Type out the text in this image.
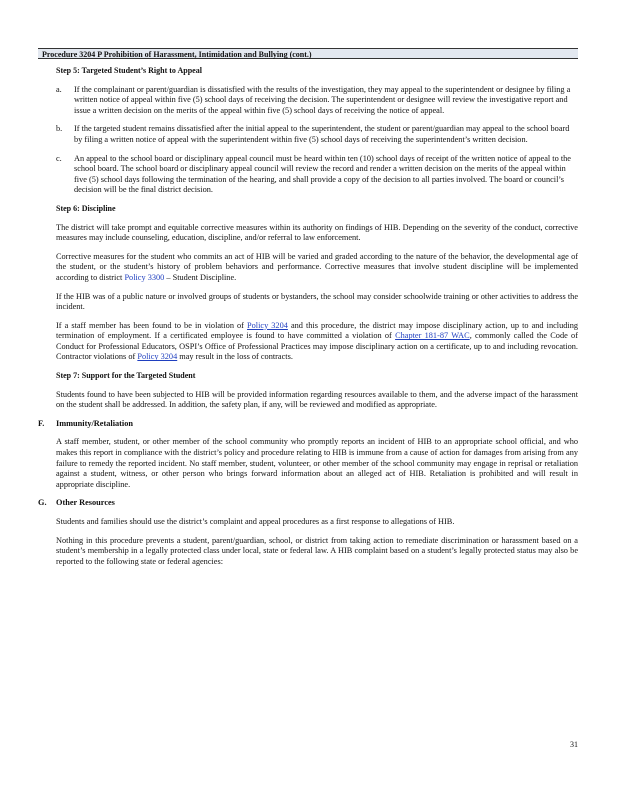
Procedure 3204 P Prohibition of Harassment, Intimidation and Bullying (cont.)
Step 5: Targeted Student’s Right to Appeal
a. If the complainant or parent/guardian is dissatisfied with the results of the investigation, they may appeal to the superintendent or designee by filing a written notice of appeal within five (5) school days of receiving the decision. The superintendent or designee will review the investigative report and issue a written decision on the merits of the appeal within five (5) school days of receiving the notice of appeal.
b. If the targeted student remains dissatisfied after the initial appeal to the superintendent, the student or parent/guardian may appeal to the school board by filing a written notice of appeal with the superintendent within five (5) school days of receiving the superintendent’s written decision.
c. An appeal to the school board or disciplinary appeal council must be heard within ten (10) school days of receipt of the written notice of appeal to the school board. The school board or disciplinary appeal council will review the record and render a written decision on the merits of the appeal within five (5) school days following the termination of the hearing, and shall provide a copy of the decision to all parties involved. The board or council’s decision will be the final district decision.
Step 6: Discipline

The district will take prompt and equitable corrective measures within its authority on findings of HIB. Depending on the severity of the conduct, corrective measures may include counseling, education, discipline, and/or referral to law enforcement.

Corrective measures for the student who commits an act of HIB will be varied and graded according to the nature of the behavior, the developmental age of the student, or the student’s history of problem behaviors and performance. Corrective measures that involve student discipline will be implemented according to district Policy 3300 – Student Discipline.

If the HIB was of a public nature or involved groups of students or bystanders, the school may consider schoolwide training or other activities to address the incident.

If a staff member has been found to be in violation of Policy 3204 and this procedure, the district may impose disciplinary action, up to and including termination of employment. If a certificated employee is found to have committed a violation of Chapter 181-87 WAC, commonly called the Code of Conduct for Professional Educators, OSPI’s Office of Professional Practices may impose disciplinary action on a certificate, up to and including revocation. Contractor violations of Policy 3204 may result in the loss of contracts.

Step 7: Support for the Targeted Student

Students found to have been subjected to HIB will be provided information regarding resources available to them, and the adverse impact of the harassment on the student shall be addressed. In addition, the safety plan, if any, will be reviewed and modified as appropriate.

F. Immunity/Retaliation

A staff member, student, or other member of the school community who promptly reports an incident of HIB to an appropriate school official, and who makes this report in compliance with the district’s policy and procedure relating to HIB is immune from a cause of action for damages from arising from any failure to remedy the reported incident. No staff member, student, volunteer, or other member of the school community may engage in reprisal or retaliation against a student, witness, or other person who brings forward information about an alleged act of HIB. Retaliation is prohibited and will result in appropriate discipline.

G. Other Resources

Students and families should use the district’s complaint and appeal procedures as a first response to allegations of HIB.

Nothing in this procedure prevents a student, parent/guardian, school, or district from taking action to remediate discrimination or harassment based on a student’s membership in a legally protected class under local, state or federal law. A HIB complaint based on a student’s legally protected status may also be reported to the following state or federal agencies:

31
